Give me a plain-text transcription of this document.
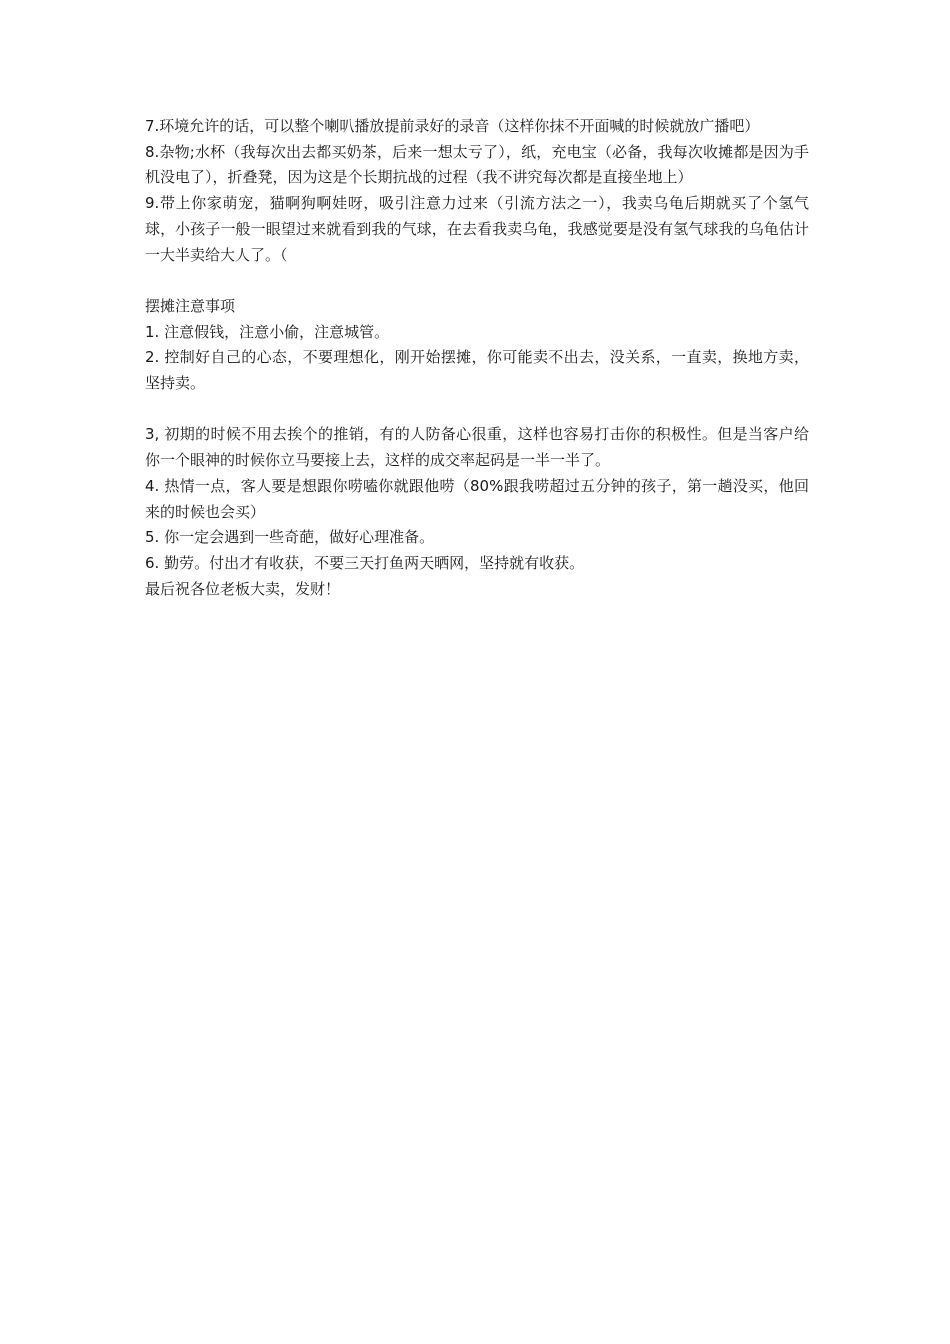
7.环境允许的话，可以整个喇叭播放提前录好的录音（这样你抹不开面喊的时候就放广播吧）

8.杂物;水杯（我每次出去都买奶茶，后来一想太亏了），纸，充电宝（必备，我每次收摊都是因为手机没电了），折叠凳，因为这是个长期抗战的过程（我不讲究每次都是直接坐地上）

9.带上你家萌宠，猫啊狗啊娃呀，吸引注意力过来（引流方法之一），我卖乌龟后期就买了个氢气球，小孩子一般一眼望过来就看到我的气球，在去看我卖乌龟，我感觉要是没有氢气球我的乌龟估计一大半卖给大人了。（

摆摊注意事项

1. 注意假钱，注意小偷，注意城管。

2. 控制好自己的心态，不要理想化，刚开始摆摊，你可能卖不出去，没关系，一直卖，换地方卖，坚持卖。

3, 初期的时候不用去挨个的推销，有的人防备心很重，这样也容易打击你的积极性。但是当客户给你一个眼神的时候你立马要接上去，这样的成交率起码是一半一半了。

4. 热情一点，客人要是想跟你唠嗑你就跟他唠（80%跟我唠超过五分钟的孩子，第一趟没买，他回来的时候也会买）

5. 你一定会遇到一些奇葩，做好心理准备。

6. 勤劳。付出才有收获，不要三天打鱼两天晒网，坚持就有收获。

最后祝各位老板大卖，发财！
